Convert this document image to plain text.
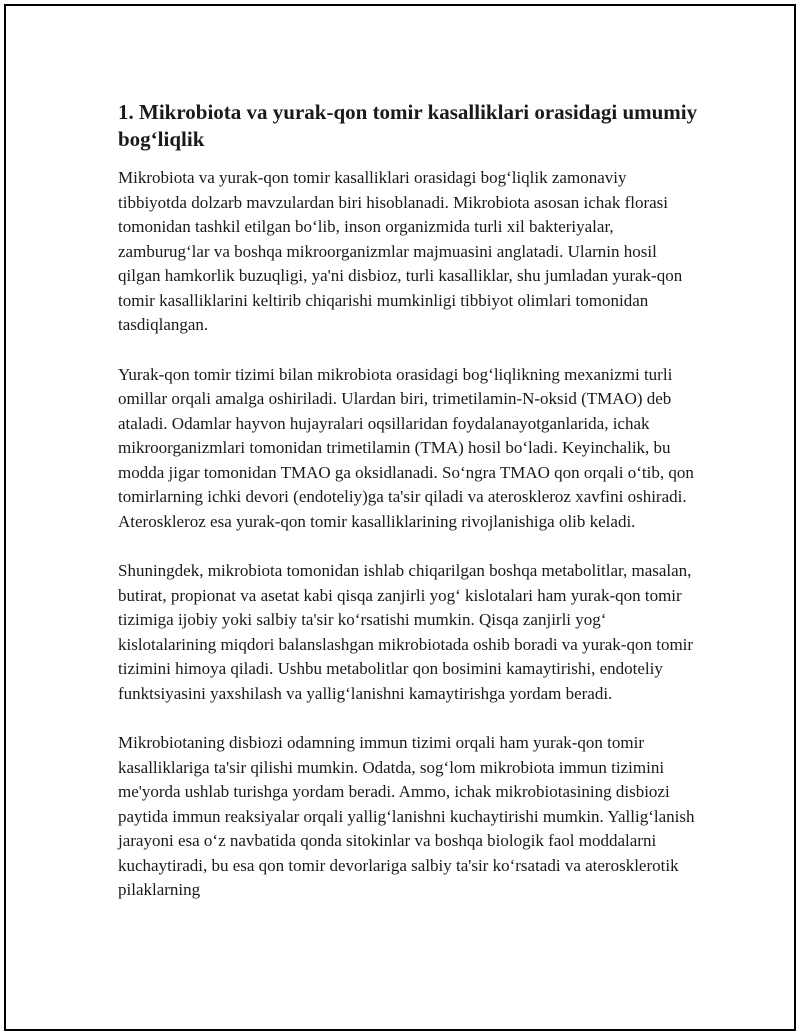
1. Mikrobiota va yurak-qon tomir kasalliklari orasidagi umumiy bog‘liqlik

Mikrobiota va yurak-qon tomir kasalliklari orasidagi bog‘liqlik zamonaviy tibbiyotda dolzarb mavzulardan biri hisoblanadi. Mikrobiota asosan ichak florasi tomonidan tashkil etilgan bo‘lib, inson organizmida turli xil bakteriyalar, zamburug‘lar va boshqa mikroorganizmlar majmuasini anglatadi. Ularnin hosil qilgan hamkorlik buzuqligi, ya'ni disbioz, turli kasalliklar, shu jumladan yurak-qon tomir kasalliklarini keltirib chiqarishi mumkinligi tibbiyot olimlari tomonidan tasdiqlangan.

Yurak-qon tomir tizimi bilan mikrobiota orasidagi bog‘liqlikning mexanizmi turli omillar orqali amalga oshiriladi. Ulardan biri, trimetilamin-N-oksid (TMAO) deb ataladi. Odamlar hayvon hujayralari oqsillaridan foydalanayotganlarida, ichak mikroorganizmlari tomonidan trimetilamin (TMA) hosil bo‘ladi. Keyinchalik, bu modda jigar tomonidan TMAO ga oksidlanadi. So‘ngra TMAO qon orqali o‘tib, qon tomirlarning ichki devori (endoteliy)ga ta'sir qiladi va ateroskleroz xavfini oshiradi. Ateroskleroz esa yurak-qon tomir kasalliklarining rivojlanishiga olib keladi.

Shuningdek, mikrobiota tomonidan ishlab chiqarilgan boshqa metabolitlar, masalan, butirat, propionat va asetat kabi qisqa zanjirli yog‘ kislotalari ham yurak-qon tomir tizimiga ijobiy yoki salbiy ta'sir ko‘rsatishi mumkin. Qisqa zanjirli yog‘ kislotalarining miqdori balanslashgan mikrobiotada oshib boradi va yurak-qon tomir tizimini himoya qiladi. Ushbu metabolitlar qon bosimini kamaytirishi, endoteliy funktsiyasini yaxshilash va yallig‘lanishni kamaytirishga yordam beradi.

Mikrobiotaning disbiozi odamning immun tizimi orqali ham yurak-qon tomir kasalliklariga ta'sir qilishi mumkin. Odatda, sog‘lom mikrobiota immun tizimini me'yorda ushlab turishga yordam beradi. Ammo, ichak mikrobiotasining disbiozi paytida immun reaksiyalar orqali yallig‘lanishni kuchaytirishi mumkin. Yallig‘lanish jarayoni esa o‘z navbatida qonda sitokinlar va boshqa biologik faol moddalarni kuchaytiradi, bu esa qon tomir devorlariga salbiy ta'sir ko‘rsatadi va aterosklerotik pilaklarning
